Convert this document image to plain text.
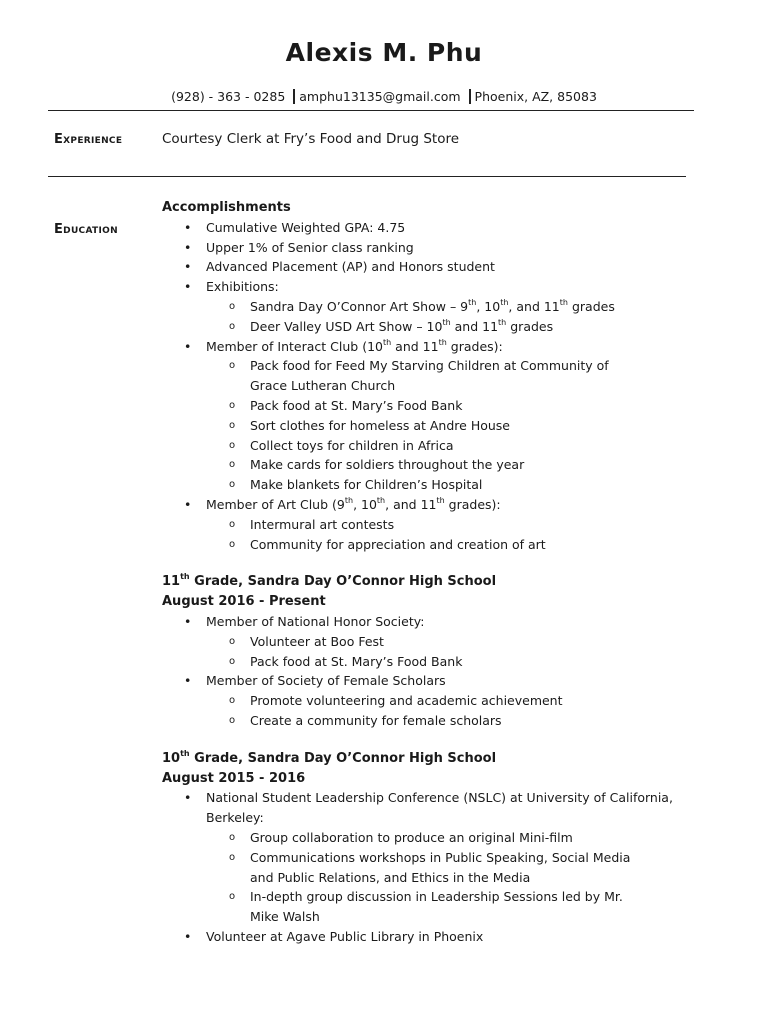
Alexis M. Phu
(928) - 363 - 0285 amphu13135@gmail.com Phoenix, AZ, 85083
Experience	Courtesy Clerk at Fry’s Food and Drug Store
Education
Accomplishments
• Cumulative Weighted GPA: 4.75
• Upper 1% of Senior class ranking
• Advanced Placement (AP) and Honors student
• Exhibitions:
o Sandra Day O’Connor Art Show – 9th, 10th, and 11th grades
o Deer Valley USD Art Show – 10th and 11th grades
• Member of Interact Club (10th and 11th grades):
o Pack food for Feed My Starving Children at Community of Grace Lutheran Church
o Pack food at St. Mary’s Food Bank
o Sort clothes for homeless at Andre House
o Collect toys for children in Africa
o Make cards for soldiers throughout the year
o Make blankets for Children’s Hospital
• Member of Art Club (9th, 10th, and 11th grades):
o Intermural art contests
o Community for appreciation and creation of art
11th Grade, Sandra Day O’Connor High School
August 2016 - Present
• Member of National Honor Society:
o Volunteer at Boo Fest
o Pack food at St. Mary’s Food Bank
• Member of Society of Female Scholars
o Promote volunteering and academic achievement
o Create a community for female scholars
10th Grade, Sandra Day O’Connor High School
August 2015 - 2016
• National Student Leadership Conference (NSLC) at University of California, Berkeley:
o Group collaboration to produce an original Mini-film
o Communications workshops in Public Speaking, Social Media and Public Relations, and Ethics in the Media
o In-depth group discussion in Leadership Sessions led by Mr. Mike Walsh
• Volunteer at Agave Public Library in Phoenix
